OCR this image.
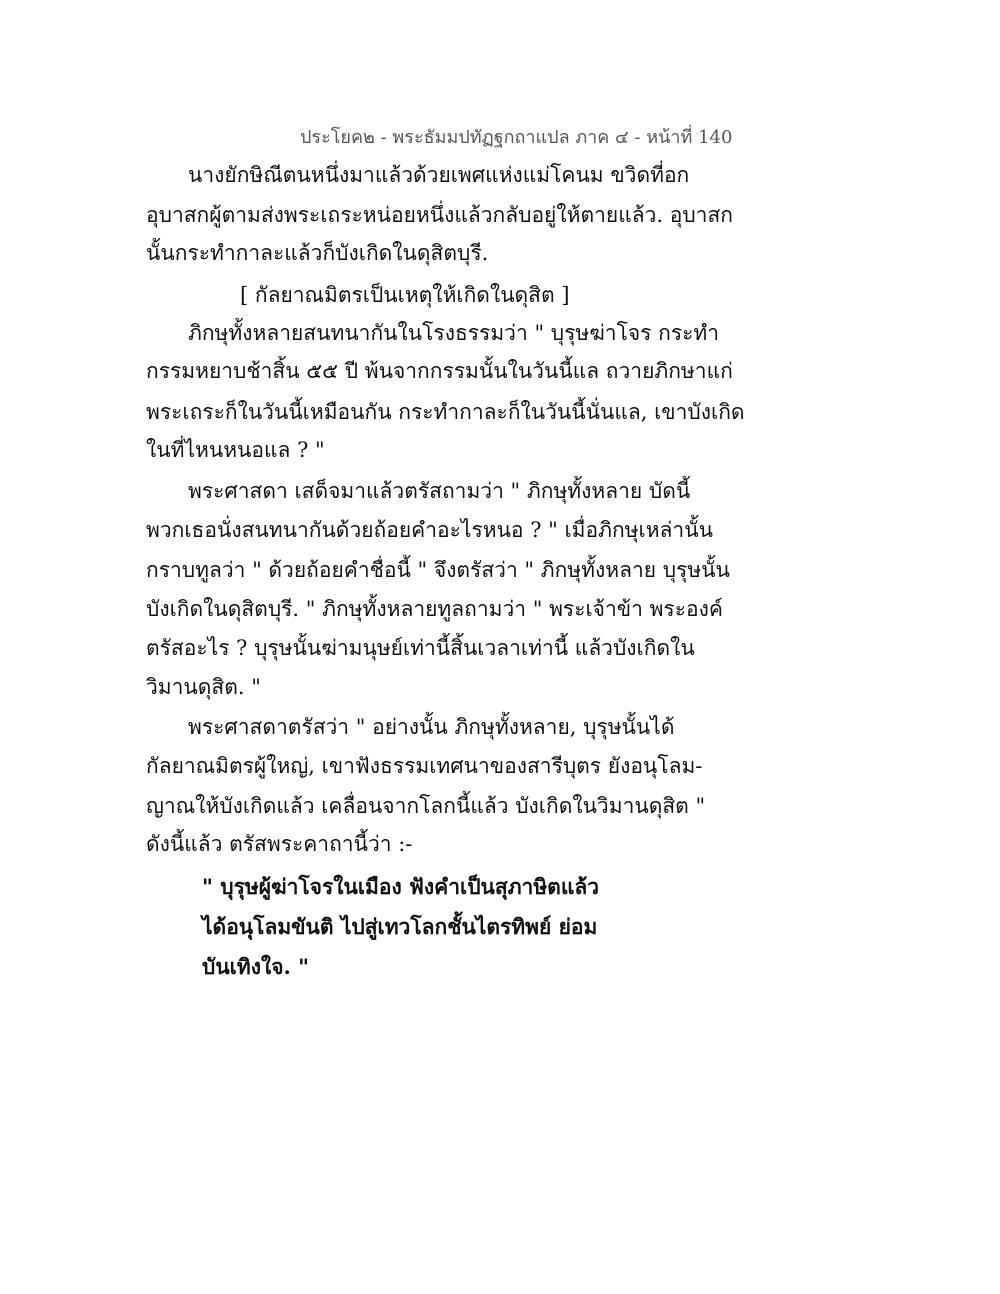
ประโยค๒ - พระธัมมปทัฏฐกถาแปล ภาค ๔ - หน้าที่ 140
นางยักษิณีตนหนึ่งมาแล้วด้วยเพศแห่งแม่โคนม ขวิดที่อก
อุบาสกผู้ตามส่งพระเถระหน่อยหนึ่งแล้วกลับอยู่ให้ตายแล้ว. อุบาสก
นั้นกระทำกาละแล้วก็บังเกิดในดุสิตบุรี.
[ กัลยาณมิตรเป็นเหตุให้เกิดในดุสิต ]
ภิกษุทั้งหลายสนทนากันในโรงธรรมว่า " บุรุษฆ่าโจร กระทำ
กรรมหยาบช้าสิ้น ๕๕ ปี พ้นจากกรรมนั้นในวันนี้แล ถวายภิกษาแก่
พระเถระก็ในวันนี้เหมือนกัน กระทำกาละก็ในวันนี้นั่นแล, เขาบังเกิด
ในที่ไหนหนอแล ? "
พระศาสดา เสด็จมาแล้วตรัสถามว่า " ภิกษุทั้งหลาย บัดนี้
พวกเธอนั่งสนทนากันด้วยถ้อยคำอะไรหนอ ? " เมื่อภิกษุเหล่านั้น
กราบทูลว่า " ด้วยถ้อยคำชื่อนี้ " จึงตรัสว่า " ภิกษุทั้งหลาย บุรุษนั้น
บังเกิดในดุสิตบุรี. " ภิกษุทั้งหลายทูลถามว่า " พระเจ้าข้า พระองค์
ตรัสอะไร ? บุรุษนั้นฆ่ามนุษย์เท่านี้สิ้นเวลาเท่านี้ แล้วบังเกิดใน
วิมานดุสิต. "
พระศาสดาตรัสว่า " อย่างนั้น ภิกษุทั้งหลาย, บุรุษนั้นได้
กัลยาณมิตรผู้ใหญ่, เขาฟังธรรมเทศนาของสารีบุตร ยังอนุโลม-
ญาณให้บังเกิดแล้ว เคลื่อนจากโลกนี้แล้ว บังเกิดในวิมานดุสิต "
ดังนี้แล้ว ตรัสพระคาถานี้ว่า :-
" บุรุษผู้ฆ่าโจรในเมือง ฟังคำเป็นสุภาษิตแล้ว
ได้อนุโลมขันติ ไปสู่เทวโลกชั้นไตรทิพย์ ย่อม
บันเทิงใจ. "
